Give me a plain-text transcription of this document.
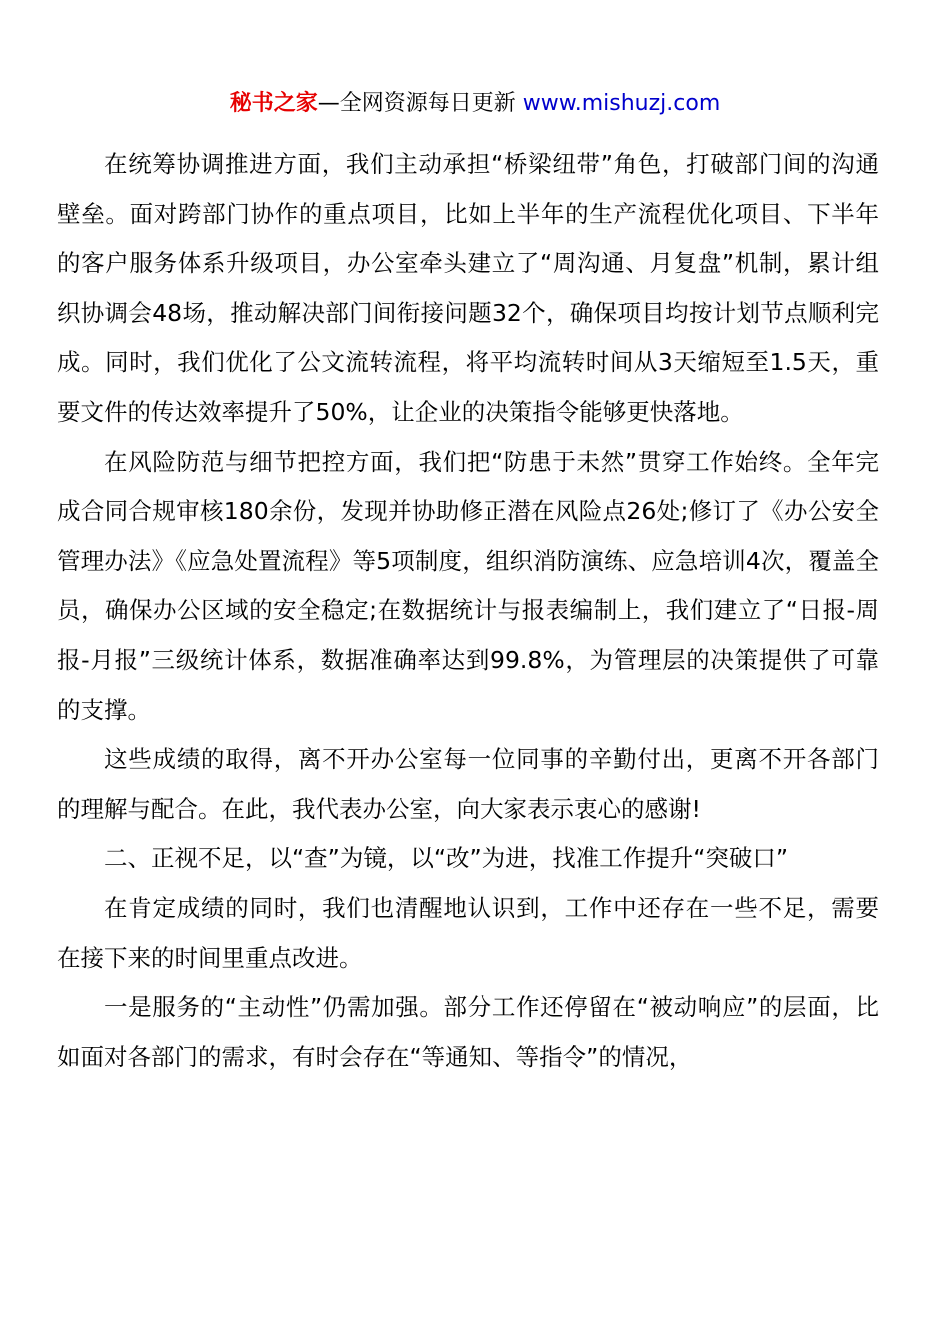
秘书之家—全网资源每日更新 www.mishuzj.com

在统筹协调推进方面，我们主动承担“桥梁纽带”角色，打破部门间的沟通壁垒。面对跨部门协作的重点项目，比如上半年的生产流程优化项目、下半年的客户服务体系升级项目，办公室牵头建立了“周沟通、月复盘”机制，累计组织协调会48场，推动解决部门间衔接问题32个，确保项目均按计划节点顺利完成。同时，我们优化了公文流转流程，将平均流转时间从3天缩短至1.5天，重要文件的传达效率提升了50%，让企业的决策指令能够更快落地。

在风险防范与细节把控方面，我们把“防患于未然”贯穿工作始终。全年完成合同合规审核180余份，发现并协助修正潜在风险点26处;修订了《办公安全管理办法》《应急处置流程》等5项制度，组织消防演练、应急培训4次，覆盖全员，确保办公区域的安全稳定;在数据统计与报表编制上，我们建立了“日报-周报-月报”三级统计体系，数据准确率达到99.8%，为管理层的决策提供了可靠的支撑。

这些成绩的取得，离不开办公室每一位同事的辛勤付出，更离不开各部门的理解与配合。在此，我代表办公室，向大家表示衷心的感谢!

二、正视不足，以“查”为镜，以“改”为进，找准工作提升“突破口”

在肯定成绩的同时，我们也清醒地认识到，工作中还存在一些不足，需要在接下来的时间里重点改进。

一是服务的“主动性”仍需加强。部分工作还停留在“被动响应”的层面，比如面对各部门的需求，有时会存在“等通知、等指令”的情况，
